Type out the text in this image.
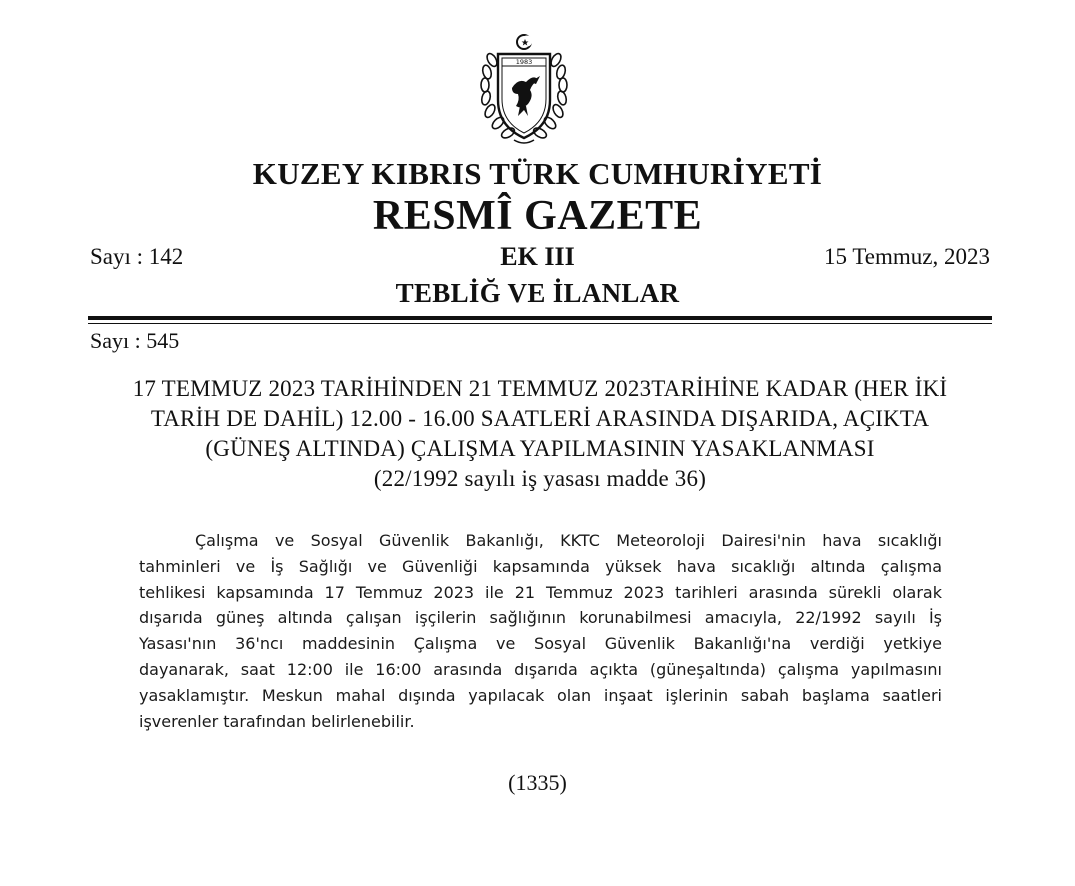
1983
KUZEY KIBRIS TÜRK CUMHURİYETİ
RESMÎ GAZETE
Sayı : 142	EK III	15 Temmuz, 2023
TEBLİĞ VE İLANLAR
Sayı : 545
17 TEMMUZ 2023 TARİHİNDEN 21 TEMMUZ 2023TARİHİNE KADAR (HER İKİ
TARİH DE DAHİL) 12.00 - 16.00 SAATLERİ ARASINDA DIŞARIDA, AÇIKTA
(GÜNEŞ ALTINDA) ÇALIŞMA YAPILMASININ YASAKLANMASI
(22/1992 sayılı iş yasası madde 36)
Çalışma ve Sosyal Güvenlik Bakanlığı, KKTC Meteoroloji Dairesi'nin hava sıcaklığı
tahminleri ve İş Sağlığı ve Güvenliği kapsamında yüksek hava sıcaklığı altında çalışma
tehlikesi kapsamında 17 Temmuz 2023 ile 21 Temmuz 2023 tarihleri arasında sürekli olarak
dışarıda güneş altında çalışan işçilerin sağlığının korunabilmesi amacıyla, 22/1992 sayılı İş
Yasası'nın 36'ncı maddesinin Çalışma ve Sosyal Güvenlik Bakanlığı'na verdiği yetkiye
dayanarak, saat 12:00 ile 16:00 arasında dışarıda açıkta (güneşaltında) çalışma yapılmasını
yasaklamıştır. Meskun mahal dışında yapılacak olan inşaat işlerinin sabah başlama saatleri
işverenler tarafından belirlenebilir.
(1335)
